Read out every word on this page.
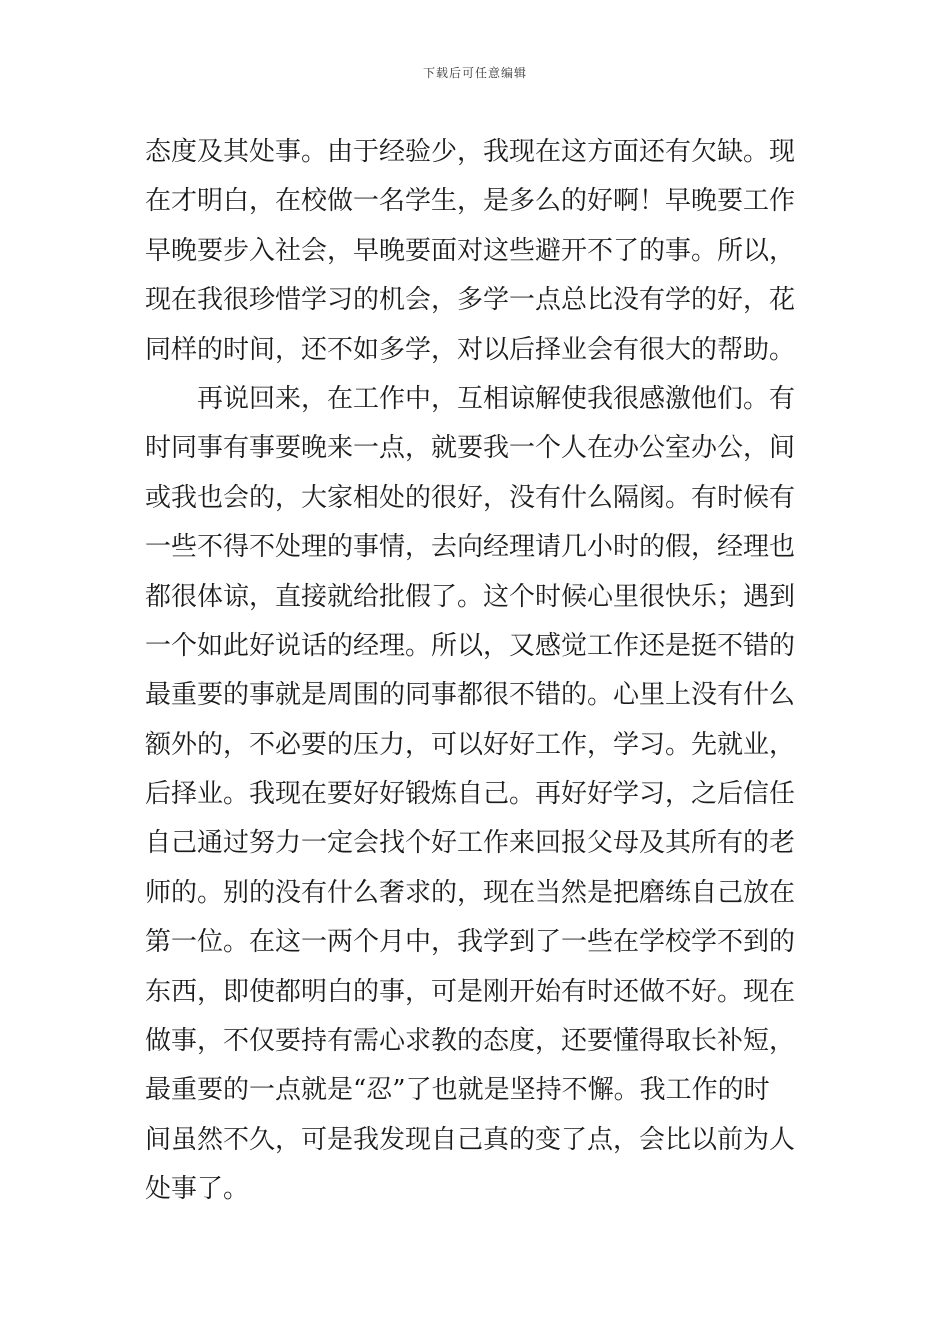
下载后可任意编辑
态度及其处事。由于经验少，我现在这方面还有欠缺。现
在才明白，在校做一名学生，是多么的好啊！早晚要工作
早晚要步入社会，早晚要面对这些避开不了的事。所以，
现在我很珍惜学习的机会，多学一点总比没有学的好，花
同样的时间，还不如多学，对以后择业会有很大的帮助。
　　再说回来，在工作中，互相谅解使我很感激他们。有
时同事有事要晚来一点，就要我一个人在办公室办公，间
或我也会的，大家相处的很好，没有什么隔阂。有时候有
一些不得不处理的事情，去向经理请几小时的假，经理也
都很体谅，直接就给批假了。这个时候心里很快乐；遇到
一个如此好说话的经理。所以，又感觉工作还是挺不错的
最重要的事就是周围的同事都很不错的。心里上没有什么
额外的，不必要的压力，可以好好工作，学习。先就业，
后择业。我现在要好好锻炼自己。再好好学习，之后信任
自己通过努力一定会找个好工作来回报父母及其所有的老
师的。别的没有什么奢求的，现在当然是把磨练自己放在
第一位。在这一两个月中，我学到了一些在学校学不到的
东西，即使都明白的事，可是刚开始有时还做不好。现在
做事，不仅要持有需心求教的态度，还要懂得取长补短，
最重要的一点就是“忍”了也就是坚持不懈。我工作的时
间虽然不久，可是我发现自己真的变了点，会比以前为人
处事了。
